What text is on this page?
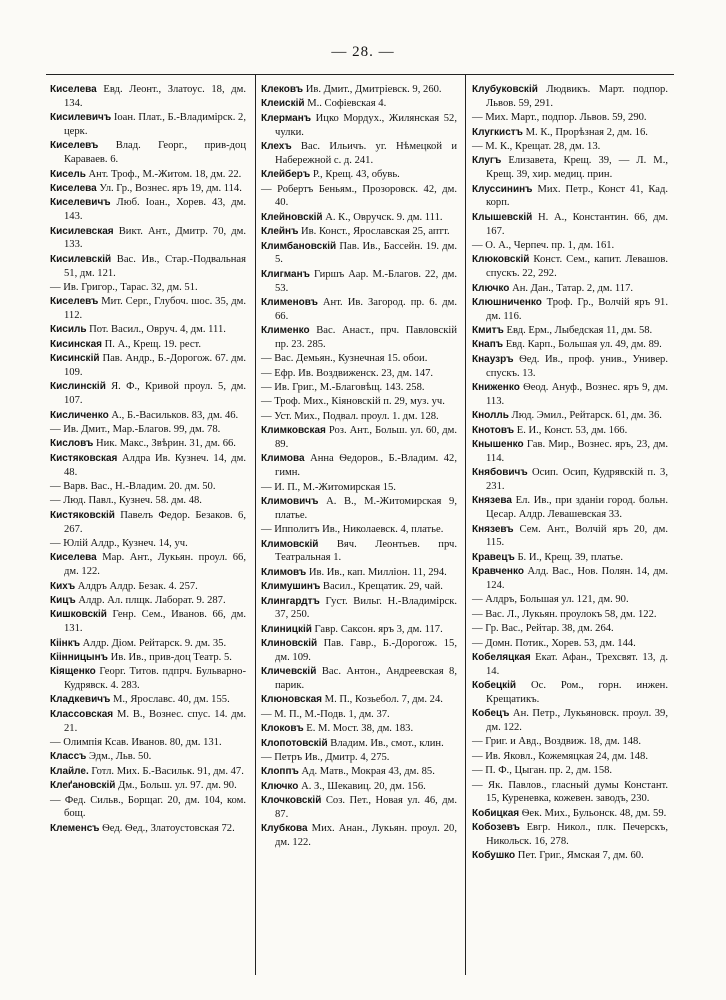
— 28. —
Киселева Евд. Леонт., Златоус. 18, дм. 134.
Кисилевичъ Іоан. Плат., Б.-Владимірск. 2, церк.
Киселевъ Влад. Георг., прив-доц Караваев. 6.
Кисель Ант. Троф., М.-Житом. 18, дм. 22.
Киселева Ул. Гр., Вознес. яръ 19, дм. 114.
Киселевичъ Люб. Іоан., Хорев. 43, дм. 143.
Кисилевская Викт. Ант., Дмитр. 70, дм. 133.
Кисилевскiй Вас. Ив., Стар.-Подвальная 51, дм. 121.
— Ив. Григор., Тарас. 32, дм. 51.
Киселевъ Мит. Серг., Глубоч. шос. 35, дм. 112.
Кисиль Пот. Васил., Овруч. 4, дм. 111.
Кисинская П. А., Крещ. 19. рест.
Кисинскiй Пав. Андр., Б.-Дорогож. 67. дм. 109.
Кислинскiй Я. Ф., Кривой проул. 5, дм. 107.
Кисличенко А., Б.-Васильков. 83, дм. 46.
— Ив. Дмит., Мар.-Благов. 99, дм. 78.
Кисловъ Ник. Макс., Звѣрин. 31, дм. 66.
Кистяковская Алдра Ив. Кузнеч. 14, дм. 48.
— Варв. Вас., Н.-Владим. 20. дм. 50.
— Люд. Павл., Кузнеч. 58. дм. 48.
Кистяковскiй Павелъ Федор. Безаков. 6, 267.
— Юлій Алдр., Кузнеч. 14, уч.
Киселева Мар. Ант., Лукьян. проул. 66, дм. 122.
Кихъ Алдръ Алдр. Безак. 4. 257.
Кицъ Алдр. Ал. плщк. Лаборат. 9. 287.
Кишковскiй Генр. Сем., Иванов. 66, дм. 131.
Кіінкъ Алдр. Діом. Рейтарск. 9. дм. 35.
Кіінницынъ Ив. Ив., прив-доц Театр. 5.
Кіященко Георг. Титов. пдпрч. Бульварно-Кудрявск. 4. 283.
Кладкевичъ М., Ярославс. 40, дм. 155.
Классовская М. В., Вознес. спус. 14. дм. 21.
— Олимпія Ксав. Иванов. 80, дм. 131.
Классъ Эдм., Льв. 50.
Клайле. Готл. Мих. Б.-Васильк. 91, дм. 47.
Клеґановскiй Дм., Больш. ул. 97. дм. 90.
— Фед. Сильв., Борщаг. 20, дм. 104, ком. бощ.
Клеменсъ Ѳед. Ѳед., Златоустовская 72.
Клековъ Ив. Дмит., Дмитріевск. 9, 260.
Клеискiй М.. Софіевская 4.
Клерманъ Ицко Мордух., Жилянская 52, чулки.
Клехъ Вас. Ильичъ. уг. Нѣмецкой и Набережной с. д. 241.
Клейберъ Р., Крещ. 43, обувь.
— Робертъ Беньям., Прозоровск. 42, дм. 40.
Клейновскiй А. К., Овручск. 9. дм. 111.
Клейнъ Ив. Конст., Ярославская 25, аптт.
Климбановскiй Пав. Ив., Бассейн. 19. дм. 5.
Клигманъ Гиршъ Аар. М.-Благов. 22, дм. 53.
Клименовъ Ант. Ив. Загород. пр. 6. дм. 66.
Клименко Вас. Анаст., прч. Павловскiй пр. 23. 285.
— Вас. Демьян., Кузнечная 15. обои.
— Ефр. Ив. Воздвиженск. 23, дм. 147.
— Ив. Григ., М.-Благовѣщ. 143. 258.
— Троф. Мих., Кіяновскiй п. 29, муз. уч.
— Уст. Мих., Подвал. проул. 1. дм. 128.
Климковская Роз. Ант., Больш. ул. 60, дм. 89.
Климова Анна Ѳедоров., Б.-Владим. 42, гимн.
— И. П., М.-Житомирская 15.
Климовичъ А. В., М.-Житомирская 9, платье.
— Ипполитъ Ив., Николаевск. 4, платье.
Климовскiй Вяч. Леонтьев. прч. Театральная 1.
Климовъ Ив. Ив., кап. Милліон. 11, 294.
Климушинъ Васил., Крещатик. 29, чай.
Клингардтъ Густ. Вильг. Н.-Владимірск. 37, 250.
Клиницкiй Гавр. Саксон. яръ 3, дм. 117.
Клиновскiй Пав. Гавр., Б.-Дорогож. 15, дм. 109.
Кличевскiй Вас. Антон., Андреевская 8, парик.
Клюновская М. П., Козьебол. 7, дм. 24.
— М. П., М.-Подв. 1, дм. 37.
Клоковъ Е. М. Мост. 38, дм. 183.
Клопотовскiй Владим. Ив., смот., клин.
— Петръ Ив., Дмитр. 4, 275.
Клоппъ Ад. Матв., Мокрая 43, дм. 85.
Ключко А. З., Шекавиц. 20, дм. 156.
Клочковскiй Соз. Пет., Новая ул. 46, дм. 87.
Клубкова Мих. Анан., Лукьян. проул. 20, дм. 122.
Клубуковскiй Людвикъ. Март. подпор. Львов. 59, 291.
— Мих. Март., подпор. Львов. 59, 290.
Клугкистъ М. К., Прорѣзная 2, дм. 16.
— М. К., Крещат. 28, дм. 13.
Клугъ Елизавета, Крещ. 39, — Л. М., Крещ. 39, хир. медиц. прин.
Клуссининъ Мих. Петр., Конст 41, Кад. корп.
Клышевскiй Н. А., Константин. 66, дм. 167.
— О. А., Черпеч. пр. 1, дм. 161.
Клюковскiй Конст. Сем., капит. Левашов. спускъ. 22, 292.
Ключко Ан. Дан., Татар. 2, дм. 117.
Клюшниченко Троф. Гр., Волчій яръ 91. дм. 116.
Кмитъ Евд. Ерм., Лыбедская 11, дм. 58.
Кнапъ Евд. Карп., Большая ул. 49, дм. 89.
Кнаузръ Ѳед. Ив., проф. унив., Универ. спускъ. 13.
Книженко Ѳеод. Ануф., Вознес. яръ 9, дм. 113.
Кнолль Люд. Эмил., Рейтарск. 61, дм. 36.
Кнотовъ Е. И., Конст. 53, дм. 166.
Кнышенко Гав. Мир., Вознес. яръ, 23, дм. 114.
Княбовичъ Осип. Осип, Кудрявскiй п. 3, 231.
Князева Ел. Ив., при зданіи город. больн. Цесар. Алдр. Левашевская 33.
Князевъ Сем. Ант., Волчій яръ 20, дм. 115.
Кравецъ Б. И., Крещ. 39, платье.
Кравченко Алд. Вас., Нов. Полян. 14, дм. 124.
— Алдръ, Большая ул. 121, дм. 90.
— Вас. Л., Лукьян. проулокъ 58, дм. 122.
— Гр. Вас., Рейтар. 38, дм. 264.
— Домн. Потик., Хорев. 53, дм. 144.
Кобеляцкая Екат. Афан., Трехсвят. 13, д. 14.
Кобецкiй Ос. Ром., горн. инжен. Крещатикъ.
Кобецъ Ан. Петр., Лукьяновск. проул. 39, дм. 122.
— Григ. и Авд., Воздвиж. 18, дм. 148.
— Ив. Яковл., Кожемяцкая 24, дм. 148.
— П. Ф., Цыган. пр. 2, дм. 158.
— Як. Павлов., гласный думы Констант. 15, Куреневка, кожевен. заводъ, 230.
Кобицкая Ѳек. Мих., Бульонск. 48, дм. 59.
Кобозевъ Евгр. Никол., плк. Печерскъ, Никольск. 16, 278.
Кобушко Пет. Григ., Ямская 7, дм. 60.
